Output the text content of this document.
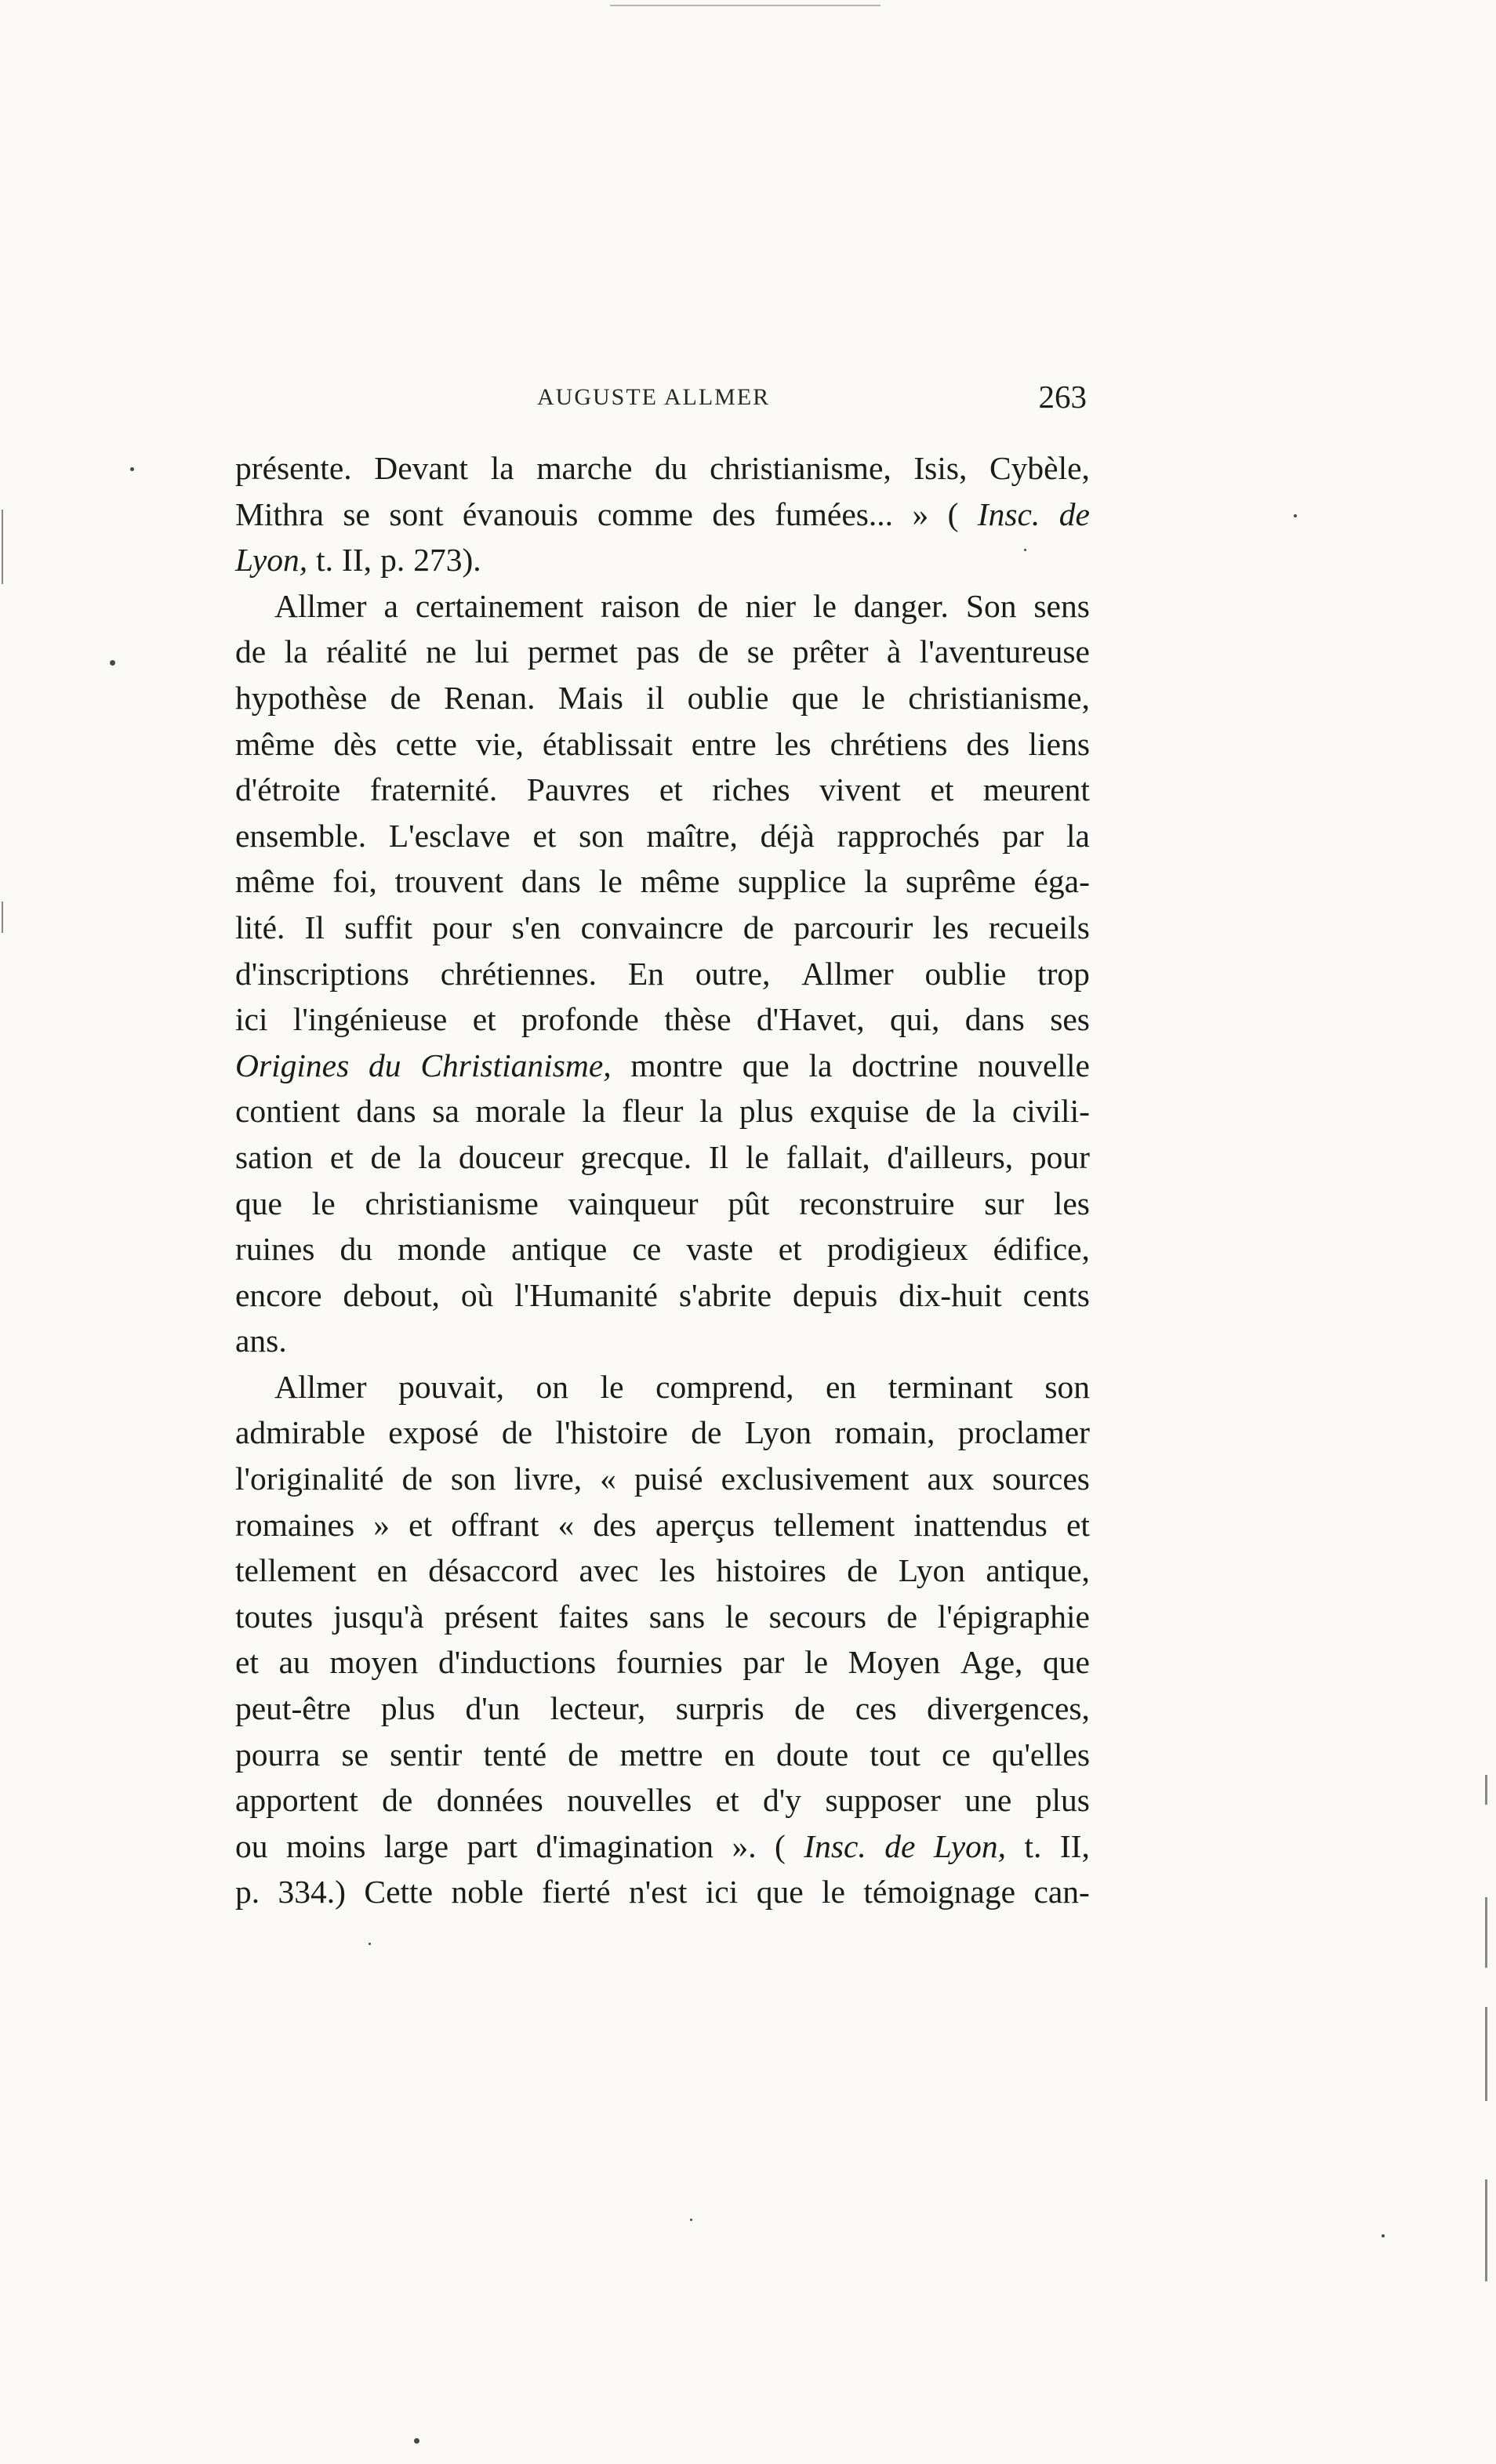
AUGUSTE ALLMER	263
présente. Devant la marche du christianisme, Isis, Cybèle,
Mithra se sont évanouis comme des fumées... » ( Insc. de
Lyon, t. II, p. 273).
Allmer a certainement raison de nier le danger. Son sens
de la réalité ne lui permet pas de se prêter à l'aventureuse
hypothèse de Renan. Mais il oublie que le christianisme,
même dès cette vie, établissait entre les chrétiens des liens
d'étroite fraternité. Pauvres et riches vivent et meurent
ensemble. L'esclave et son maître, déjà rapprochés par la
même foi, trouvent dans le même supplice la suprême éga-
lité. Il suffit pour s'en convaincre de parcourir les recueils
d'inscriptions chrétiennes. En outre, Allmer oublie trop
ici l'ingénieuse et profonde thèse d'Havet, qui, dans ses
Origines du Christianisme, montre que la doctrine nouvelle
contient dans sa morale la fleur la plus exquise de la civili-
sation et de la douceur grecque. Il le fallait, d'ailleurs, pour
que le christianisme vainqueur pût reconstruire sur les
ruines du monde antique ce vaste et prodigieux édifice,
encore debout, où l'Humanité s'abrite depuis dix-huit cents
ans.
Allmer pouvait, on le comprend, en terminant son
admirable exposé de l'histoire de Lyon romain, proclamer
l'originalité de son livre, « puisé exclusivement aux sources
romaines » et offrant « des aperçus tellement inattendus et
tellement en désaccord avec les histoires de Lyon antique,
toutes jusqu'à présent faites sans le secours de l'épigraphie
et au moyen d'inductions fournies par le Moyen Age, que
peut-être plus d'un lecteur, surpris de ces divergences,
pourra se sentir tenté de mettre en doute tout ce qu'elles
apportent de données nouvelles et d'y supposer une plus
ou moins large part d'imagination ». ( Insc. de Lyon, t. II,
p. 334.) Cette noble fierté n'est ici que le témoignage can-
